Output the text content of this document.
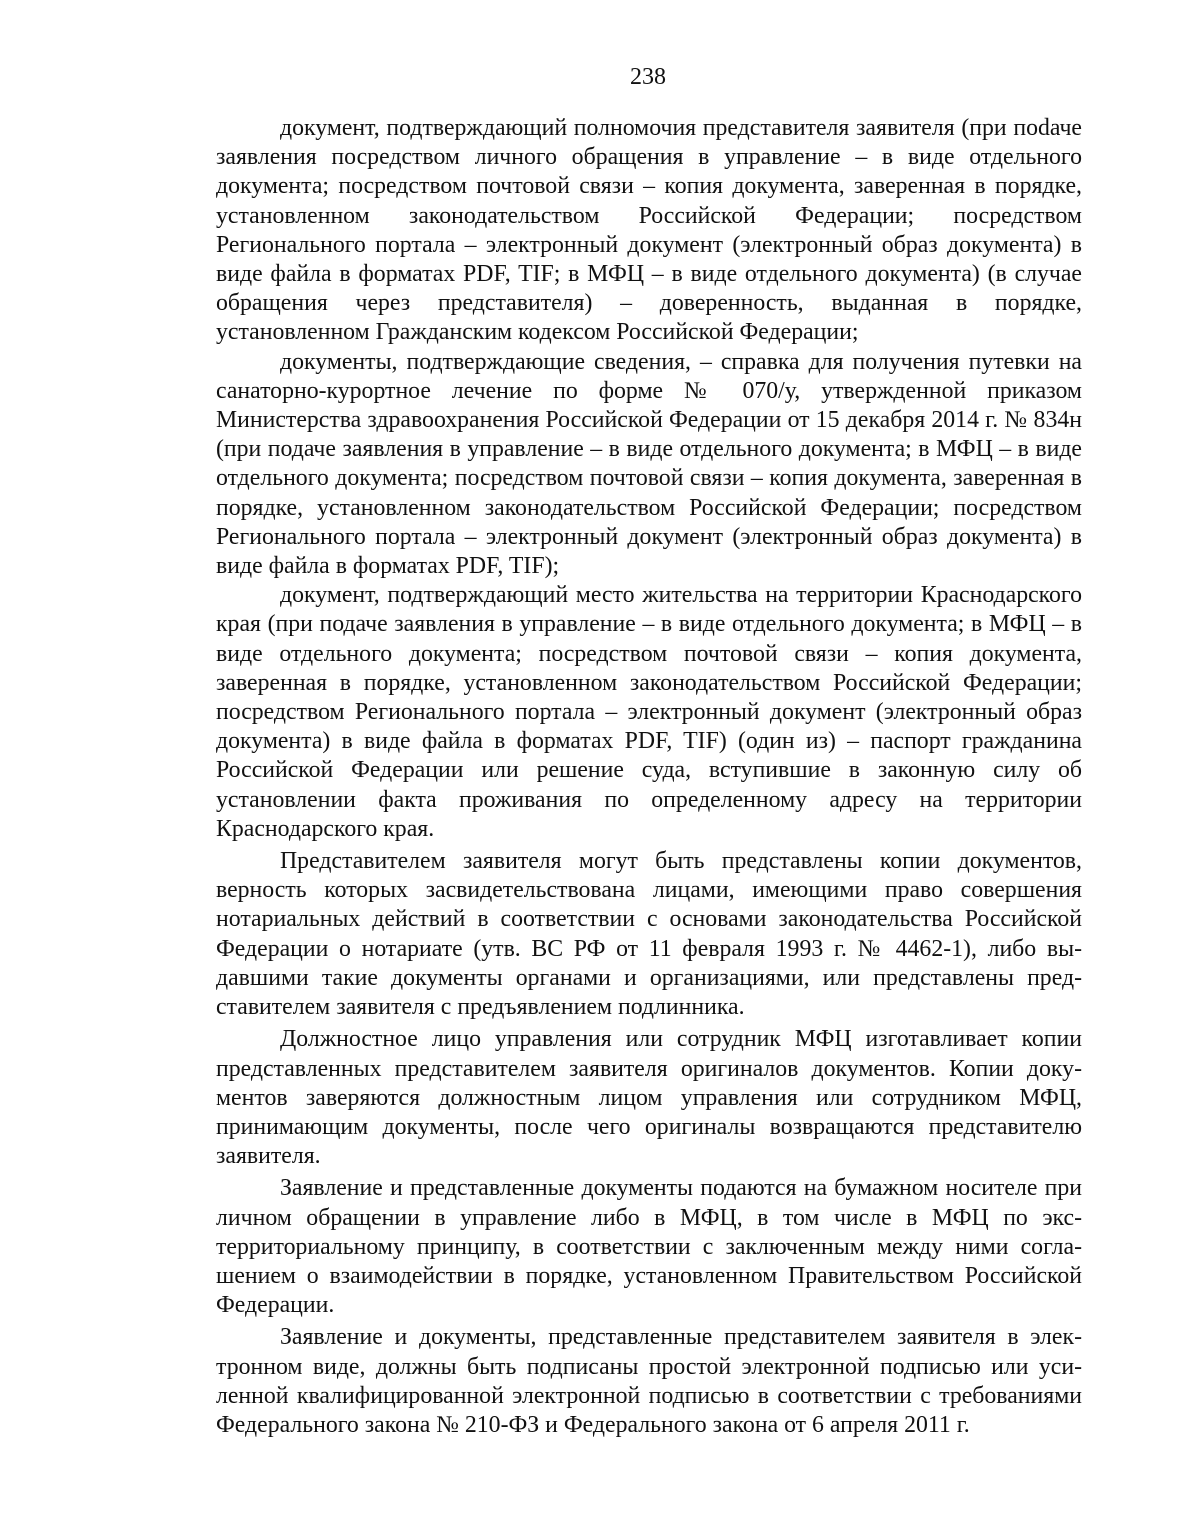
238

документ, подтверждающий полномочия представителя заявителя (при поdаче заявления посредством личного обращения в управление – в виде отдельного документа; посредством почтовой связи – копия документа, заверенная в порядке, установленном законодательством Российской Федерации; посредством Регионального портала – электронный документ (электронный образ документа) в виде файла в форматах PDF, TIF; в МФЦ – в виде отдельного документа) (в случае обращения через представителя) – доверенность, выданная в порядке, установленном Гражданским кодексом Российской Федерации;

документы, подтверждающие сведения, – справка для получения путевки на санаторно-курортное лечение по форме № 070/у, утвержденной приказом Министерства здравоохранения Российской Федерации от 15 декабря 2014 г. № 834н (при подаче заявления в управление – в виде отдельного документа; в МФЦ – в виде отдельного документа; посредством почтовой связи – копия документа, заверенная в порядке, установленном законодательством Российской Федерации; посредством Регионального портала – электронный документ (электронный образ документа) в виде файла в форматах PDF, TIF);

документ, подтверждающий место жительства на территории Краснодарского края (при подаче заявления в управление – в виде отдельного документа; в МФЦ – в виде отдельного документа; посредством почтовой связи – копия документа, заверенная в порядке, установленном законодательством Российской Федерации; посредством Регионального портала – электронный документ (электронный образ документа) в виде файла в форматах PDF, TIF) (один из) – паспорт гражданина Российской Федерации или решение суда, вступившие в законную силу об установлении факта проживания по определенному адресу на территории Краснодарского края.

Представителем заявителя могут быть представлены копии документов, верность которых засвидетельствована лицами, имеющими право совершения нотариальных действий в соответствии с основами законодательства Российской Федерации о нотариате (утв. ВС РФ от 11 февраля 1993 г. № 4462-1), либо выдавшими такие документы органами и организациями, или представлены представителем заявителя с предъявлением подлинника.

Должностное лицо управления или сотрудник МФЦ изготавливает копии представленных представителем заявителя оригиналов документов. Копии документов заверяются должностным лицом управления или сотрудником МФЦ, принимающим документы, после чего оригиналы возвращаются представителю заявителя.

Заявление и представленные документы подаются на бумажном носителе при личном обращении в управление либо в МФЦ, в том числе в МФЦ по экстерриториальному принципу, в соответствии с заключенным между ними соглашением о взаимодействии в порядке, установленном Правительством Российской Федерации.

Заявление и документы, представленные представителем заявителя в электронном виде, должны быть подписаны простой электронной подписью или усиленной квалифицированной электронной подписью в соответствии с требованиями Федерального закона № 210-ФЗ и Федерального закона от 6 апреля 2011 г.
